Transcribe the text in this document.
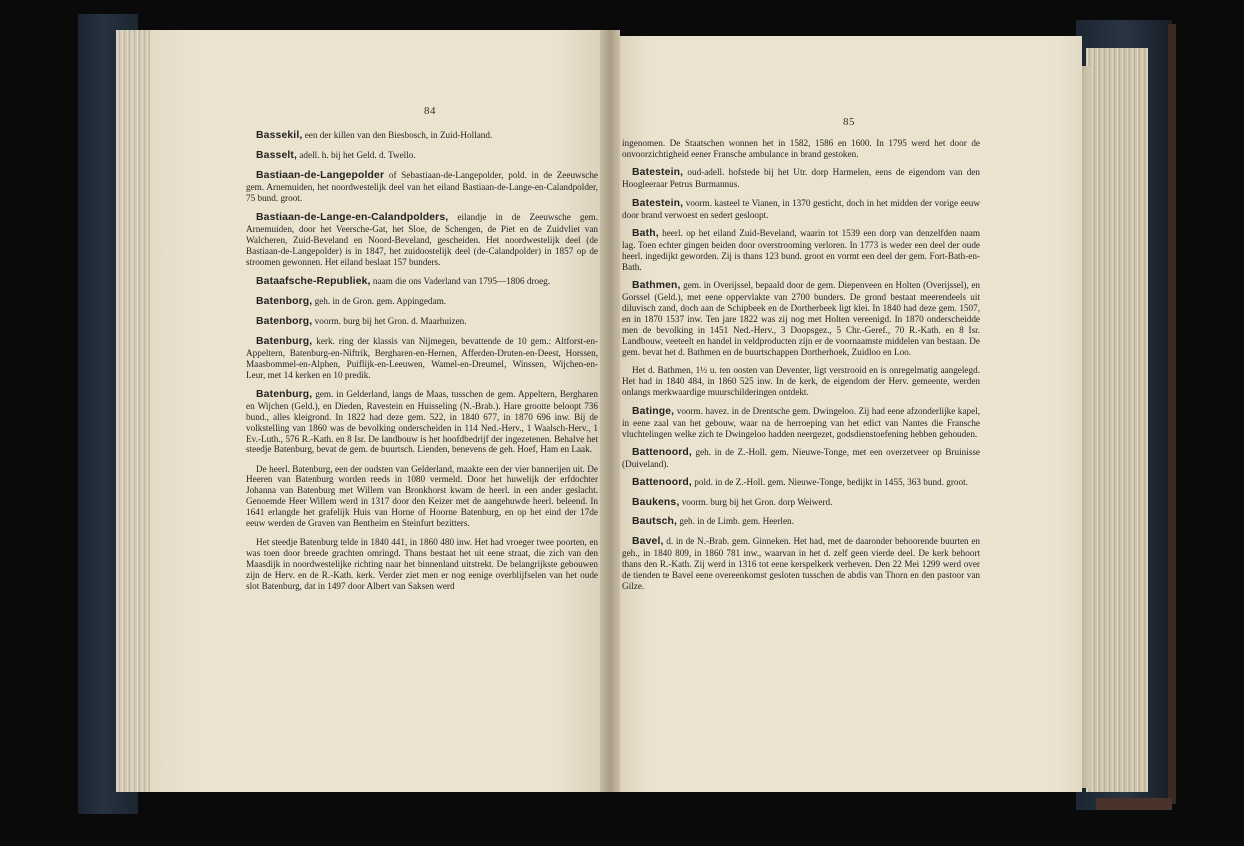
84
85

Bassekil, een der killen van den Biesbosch, in Zuid-Holland.

Basselt, adell. h. bij het Geld. d. Twello.

Bastiaan-de-Langepolder of Sebastiaan-de-Langepolder, pold. in de Zeeuwsche gem. Arnemuiden, het noordwestelijk deel van het eiland Bastiaan-de-Lange-en-Calandpolder, 75 bund. groot.

Bastiaan-de-Lange-en-Calandpolders, eilandje in de Zeeuwsche gem. Arnemuiden, door het Veersche-Gat, het Sloe, de Schengen, de Piet en de Zuidvliet van Walcheren, Zuid-Beveland en Noord-Beveland, gescheiden. Het noordwestelijk deel (de Bastiaan-de-Langepolder) is in 1847, het zuidoostelijk deel (de-Calandpolder) in 1857 op de stroomen gewonnen. Het eiland beslaat 157 bunders.

Bataafsche-Republiek, naam die ons Vaderland van 1795—1806 droeg.

Batenborg, geh. in de Gron. gem. Appingedam.

Batenborg, voorm. burg bij het Gron. d. Maarhuizen.

Batenburg, kerk. ring der klassis van Nijmegen, bevattende de 10 gem.: Altforst-en-Appeltern, Batenburg-en-Niftrik, Bergharen-en-Hernen, Afferden-Druten-en-Deest, Horssen, Maasbommel-en-Alphen, Puiflijk-en-Leeuwen, Wamel-en-Dreumel, Winssen, Wijchen-en-Leur, met 14 kerken en 10 predik.

Batenburg, gem. in Gelderland, langs de Maas, tusschen de gem. Appeltern, Bergharen en Wijchen (Geld.), en Dieden, Ravestein en Huisseling (N.-Brab.). Hare grootte beloopt 736 bund., alles kleigrond. In 1822 had deze gem. 522, in 1840 677, in 1870 696 inw. Bij de volkstelling van 1860 was de bevolking onderscheiden in 114 Ned.-Herv., 1 Waalsch-Herv., 1 Ev.-Luth., 576 R.-Kath. en 8 Isr. De landbouw is het hoofdbedrijf der ingezetenen. Behalve het steedje Batenburg, bevat de gem. de buurtsch. Lienden, benevens de geh. Hoef, Ham en Laak.

De heerl. Batenburg, een der oudsten van Gelderland, maakte een der vier bannerijen uit. De Heeren van Batenburg worden reeds in 1080 vermeld. Door het huwelijk der erfdochter Johanna van Batenburg met Willem van Bronkhorst kwam de heerl. in een ander geslacht. Genoemde Heer Willem werd in 1317 door den Keizer met de aangehuwde heerl. beleend. In 1641 erlangde het grafelijk Huis van Horne of Hoorne Batenburg, en op het eind der 17de eeuw werden de Graven van Bentheim en Steinfurt bezitters.

Het steedje Batenburg telde in 1840 441, in 1860 480 inw. Het had vroeger twee poorten, en was toen door breede grachten omringd. Thans bestaat het uit eene straat, die zich van den Maasdijk in noordwestelijke richting naar het binnenland uitstrekt. De belangrijkste gebouwen zijn de Herv. en de R.-Kath. kerk. Verder ziet men er nog eenige overblijfselen van het oude slot Batenburg, dat in 1497 door Albert van Saksen werd

ingenomen. De Staatschen wonnen het in 1582, 1586 en 1600. In 1795 werd het door de onvoorzichtigheid eener Fransche ambulance in brand gestoken.

Batestein, oud-adell. hofstede bij het Utr. dorp Harmelen, eens de eigendom van den Hoogleeraar Petrus Burmannus.

Batestein, voorm. kasteel te Vianen, in 1370 gesticht, doch in het midden der vorige eeuw door brand verwoest en sedert gesloopt.

Bath, heerl. op het eiland Zuid-Beveland, waarin tot 1539 een dorp van denzelfden naam lag. Toen echter gingen beiden door overstrooming verloren. In 1773 is weder een deel der oude heerl. ingedijkt geworden. Zij is thans 123 bund. groot en vormt een deel der gem. Fort-Bath-en-Bath.

Bathmen, gem. in Overijssel, bepaald door de gem. Diepenveen en Holten (Overijssel), en Gorssel (Geld.), met eene oppervlakte van 2700 bunders. De grond bestaat meerendeels uit diluvisch zand, doch aan de Schipbeek en de Dortherbeek ligt klei. In 1840 had deze gem. 1507, en in 1870 1537 inw. Ten jare 1822 was zij nog met Holten vereenigd. In 1870 onderscheidde men de bevolking in 1451 Ned.-Herv., 3 Doopsgez., 5 Chr.-Geref., 70 R.-Kath. en 8 Isr. Landbouw, veeteelt en handel in veldproducten zijn er de voornaamste middelen van bestaan. De gem. bevat het d. Bathmen en de buurtschappen Dortherhoek, Zuidloo en Loo.

Het d. Bathmen, 1½ u. ten oosten van Deventer, ligt verstrooid en is onregelmatig aangelegd. Het had in 1840 484, in 1860 525 inw. In de kerk, de eigendom der Herv. gemeente, werden onlangs merkwaardige muurschilderingen ontdekt.

Batinge, voorm. havez. in de Drentsche gem. Dwingeloo. Zij had eene afzonderlijke kapel, in eene zaal van het gebouw, waar na de herroeping van het edict van Nantes die Fransche vluchtelingen welke zich te Dwingeloo hadden neergezet, godsdienstoefening hebben gehouden.

Battenoord, geh. in de Z.-Holl. gem. Nieuwe-Tonge, met een overzetveer op Bruinisse (Duiveland).

Battenoord, pold. in de Z.-Holl. gem. Nieuwe-Tonge, bedijkt in 1455, 363 bund. groot.

Baukens, voorm. burg bij het Gron. dorp Weiwerd.

Bautsch, geh. in de Limb. gem. Heerlen.

Bavel, d. in de N.-Brab. gem. Ginneken. Het had, met de daaronder behoorende buurten en geh., in 1840 809, in 1860 781 inw., waarvan in het d. zelf geen vierde deel. De kerk behoort thans den R.-Kath. Zij werd in 1316 tot eene kerspelkerk verheven. Den 22 Mei 1299 werd over de tienden te Bavel eene overeenkomst gesloten tusschen de abdis van Thorn en den pastoor van Gilze.
